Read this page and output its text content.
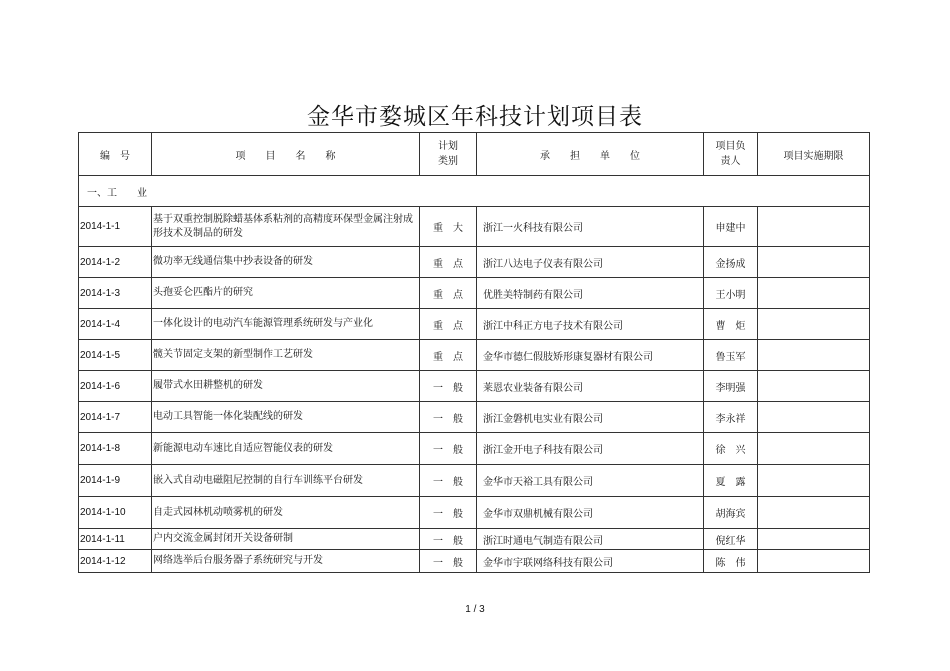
金华市婺城区年科技计划项目表
编　号	项　　目　　名　　称	计划类别	承　　担　　单　　位	项目负责人	项目实施期限
一、工　　业					
2014-1-1	基于双重控制脱除蜡基体系粘剂的高精度环保型金属注射成形技术及制品的研发	重　大	浙江一火科技有限公司	申建中	
2014-1-2	微功率无线通信集中抄表设备的研发	重　点	浙江八达电子仪表有限公司	金扬成	
2014-1-3	头孢妥仑匹酯片的研究	重　点	优胜美特制药有限公司	王小明	
2014-1-4	一体化设计的电动汽车能源管理系统研发与产业化	重　点	浙江中科正方电子技术有限公司	曹　炬	
2014-1-5	髋关节固定支架的新型制作工艺研发	重　点	金华市德仁假肢矫形康复器材有限公司	鲁玉军	
2014-1-6	履带式水田耕整机的研发	一　般	莱恩农业装备有限公司	李明强	
2014-1-7	电动工具智能一体化装配线的研发	一　般	浙江金磐机电实业有限公司	李永祥	
2014-1-8	新能源电动车速比自适应智能仪表的研发	一　般	浙江金开电子科技有限公司	徐　兴	
2014-1-9	嵌入式自动电磁阻尼控制的自行车训练平台研发	一　般	金华市天裕工具有限公司	夏　露	
2014-1-10	自走式园林机动喷雾机的研发	一　般	金华市双鼎机械有限公司	胡海宾	
2014-1-11	户内交流金属封闭开关设备研制	一　般	浙江时通电气制造有限公司	倪红华	
2014-1-12	网络选举后台服务器子系统研究与开发	一　般	金华市宇联网络科技有限公司	陈　伟	
1 / 3
